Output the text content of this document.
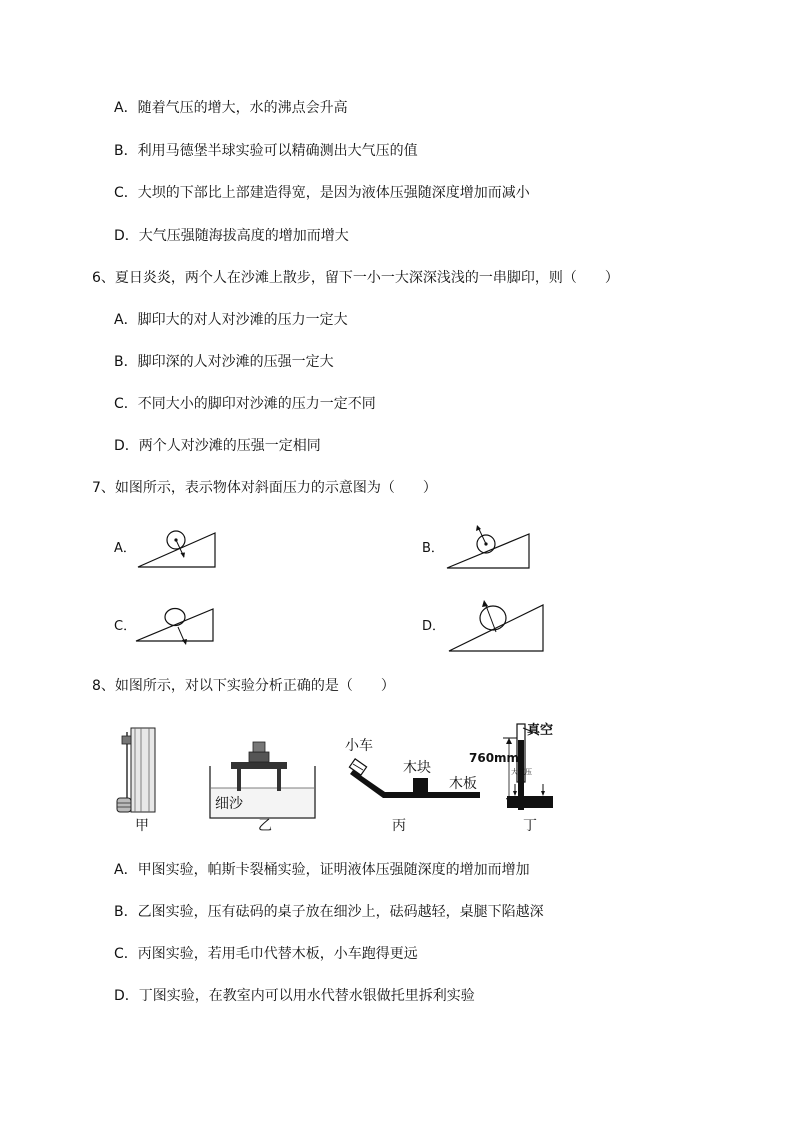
A．随着气压的增大，水的沸点会升高
B．利用马德堡半球实验可以精确测出大气压的值
C．大坝的下部比上部建造得宽，是因为液体压强随深度增加而减小
D．大气压强随海拔高度的增加而增大
6、夏日炎炎，两个人在沙滩上散步，留下一小一大深深浅浅的一串脚印，则（　　）
A．脚印大的对人对沙滩的压力一定大
B．脚印深的人对沙滩的压强一定大
C．不同大小的脚印对沙滩的压力一定不同
D．两个人对沙滩的压强一定相同
7、如图所示，表示物体对斜面压力的示意图为（　　）
A．	B．
C．	D．
8、如图所示，对以下实验分析正确的是（　　）
甲
细沙
乙
小车
木块
木板
丙
真空
760mm
大气压
丁
A．甲图实验，帕斯卡裂桶实验，证明液体压强随深度的增加而增加
B．乙图实验，压有砝码的桌子放在细沙上，砝码越轻，桌腿下陷越深
C．丙图实验，若用毛巾代替木板，小车跑得更远
D．丁图实验，在教室内可以用水代替水银做托里拆利实验
